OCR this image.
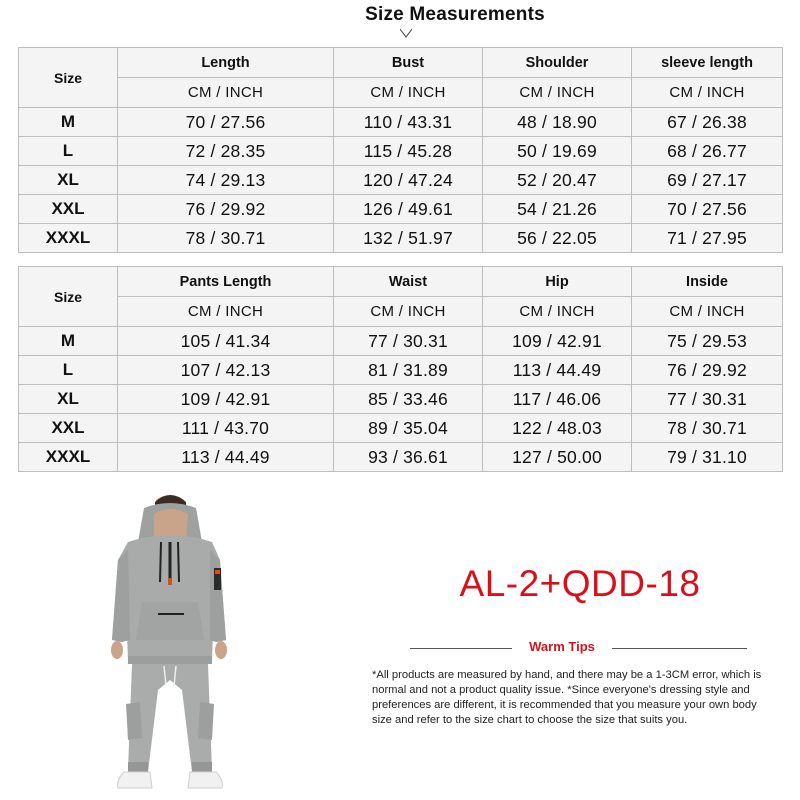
Size Measurements
Size	Length	Bust	Shoulder	sleeve length
	CM / INCH	CM / INCH	CM / INCH	CM / INCH
M	70 / 27.56	110 / 43.31	48 / 18.90	67 / 26.38
L	72 / 28.35	115 / 45.28	50 / 19.69	68 / 26.77
XL	74 / 29.13	120 / 47.24	52 / 20.47	69 / 27.17
XXL	76 / 29.92	126 / 49.61	54 / 21.26	70 / 27.56
XXXL	78 / 30.71	132 / 51.97	56 / 22.05	71 / 27.95
Size	Pants Length	Waist	Hip	Inside
	CM / INCH	CM / INCH	CM / INCH	CM / INCH
M	105 / 41.34	77 / 30.31	109 / 42.91	75 / 29.53
L	107 / 42.13	81 / 31.89	113 / 44.49	76 / 29.92
XL	109 / 42.91	85 / 33.46	117 / 46.06	77 / 30.31
XXL	111 / 43.70	89 / 35.04	122 / 48.03	78 / 30.71
XXXL	113 / 44.49	93 / 36.61	127 / 50.00	79 / 31.10
AL-2+QDD-18
Warm Tips
*All products are measured by hand, and there may be a 1-3CM error, which is normal and not a product quality issue. *Since everyone's dressing style and preferences are different, it is recommended that you measure your own body size and refer to the size chart to choose the size that suits you.
